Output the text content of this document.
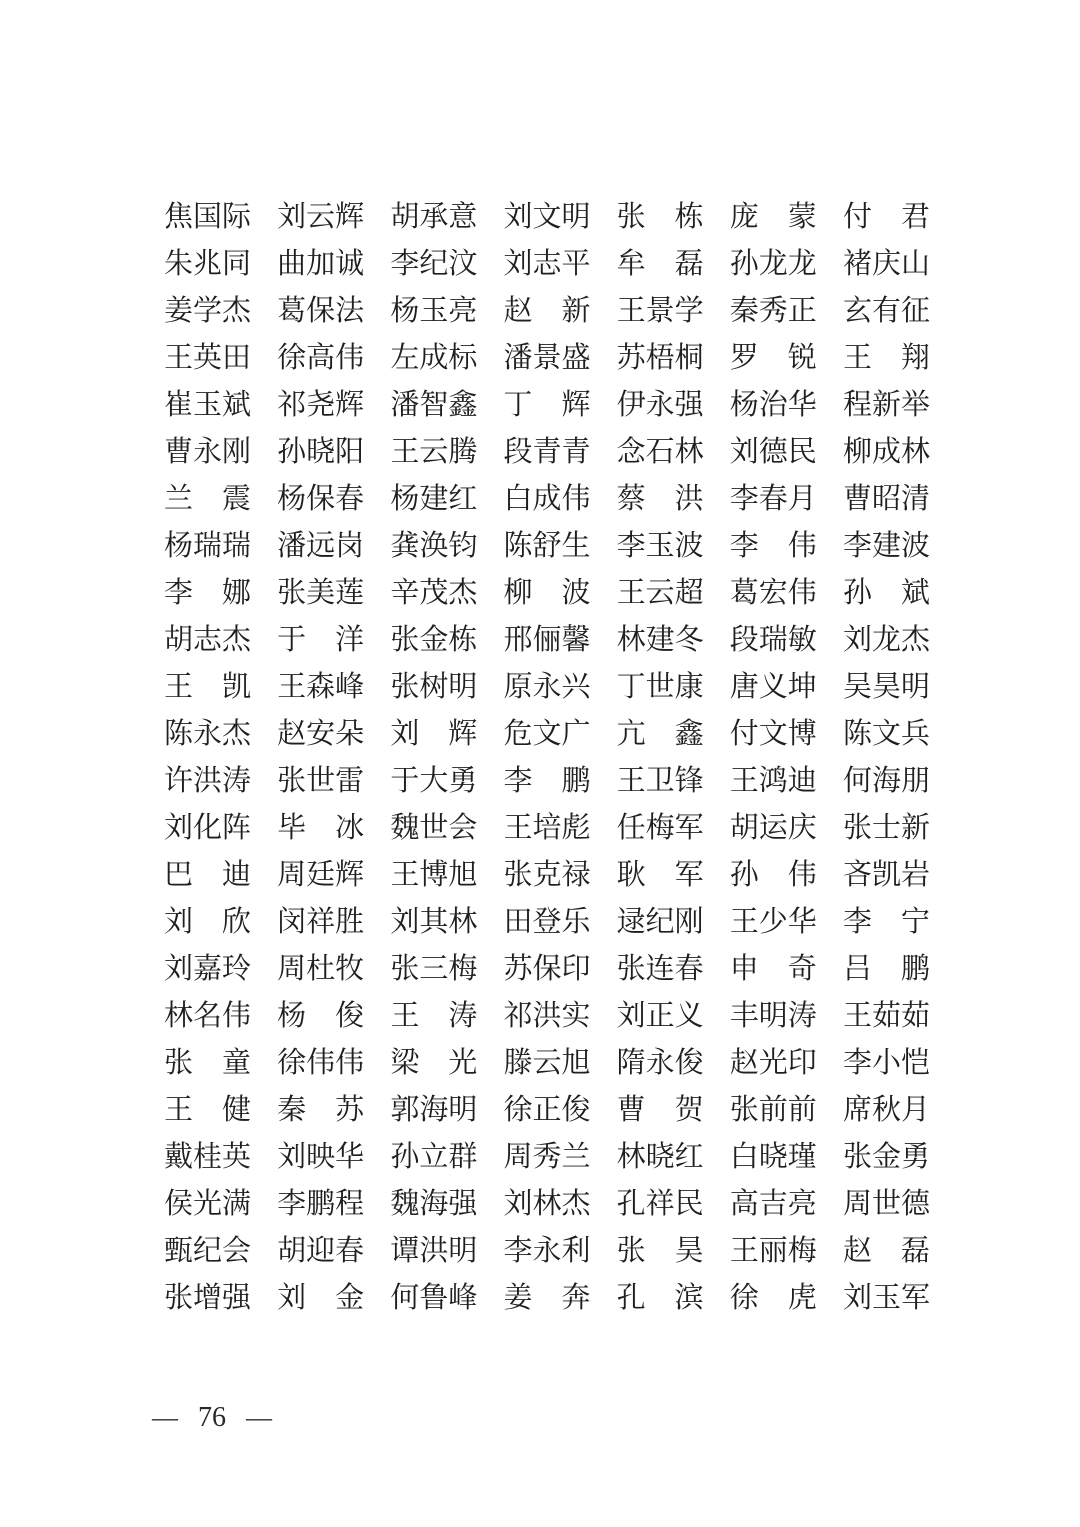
焦国际 刘云辉 胡承意 刘文明 张栋 庞蒙 付君
朱兆同 曲加诚 李纪汶 刘志平 牟磊 孙龙龙 褚庆山
姜学杰 葛保法 杨玉亮 赵新 王景学 秦秀正 玄有征
王英田 徐高伟 左成标 潘景盛 苏梧桐 罗锐 王翔
崔玉斌 祁尧辉 潘智鑫 丁辉 伊永强 杨治华 程新举
曹永刚 孙晓阳 王云腾 段青青 念石林 刘德民 柳成林
兰震 杨保春 杨建红 白成伟 蔡洪 李春月 曹昭清
杨瑞瑞 潘远岗 龚涣钧 陈舒生 李玉波 李伟 李建波
李娜 张美莲 辛茂杰 柳波 王云超 葛宏伟 孙斌
胡志杰 于洋 张金栋 邢俪馨 林建冬 段瑞敏 刘龙杰
王凯 王森峰 张树明 原永兴 丁世康 唐义坤 吴昊明
陈永杰 赵安朵 刘辉 危文广 亢鑫 付文博 陈文兵
许洪涛 张世雷 于大勇 李鹏 王卫锋 王鸿迪 何海朋
刘化阵 毕冰 魏世会 王培彪 任梅军 胡运庆 张士新
巴迪 周廷辉 王博旭 张克禄 耿军 孙伟 吝凯岩
刘欣 闵祥胜 刘其林 田登乐 逯纪刚 王少华 李宁
刘嘉玲 周杜牧 张三梅 苏保印 张连春 申奇 吕鹏
林名伟 杨俊 王涛 祁洪实 刘正义 丰明涛 王茹茹
张童 徐伟伟 梁光 滕云旭 隋永俊 赵光印 李小恺
王健 秦苏 郭海明 徐正俊 曹贺 张前前 席秋月
戴桂英 刘映华 孙立群 周秀兰 林晓红 白晓瑾 张金勇
侯光满 李鹏程 魏海强 刘林杰 孔祥民 高吉亮 周世德
甄纪会 胡迎春 谭洪明 李永利 张昊 王丽梅 赵磊
张增强 刘金 何鲁峰 姜奔 孔滨 徐虎 刘玉军
— 76 —
